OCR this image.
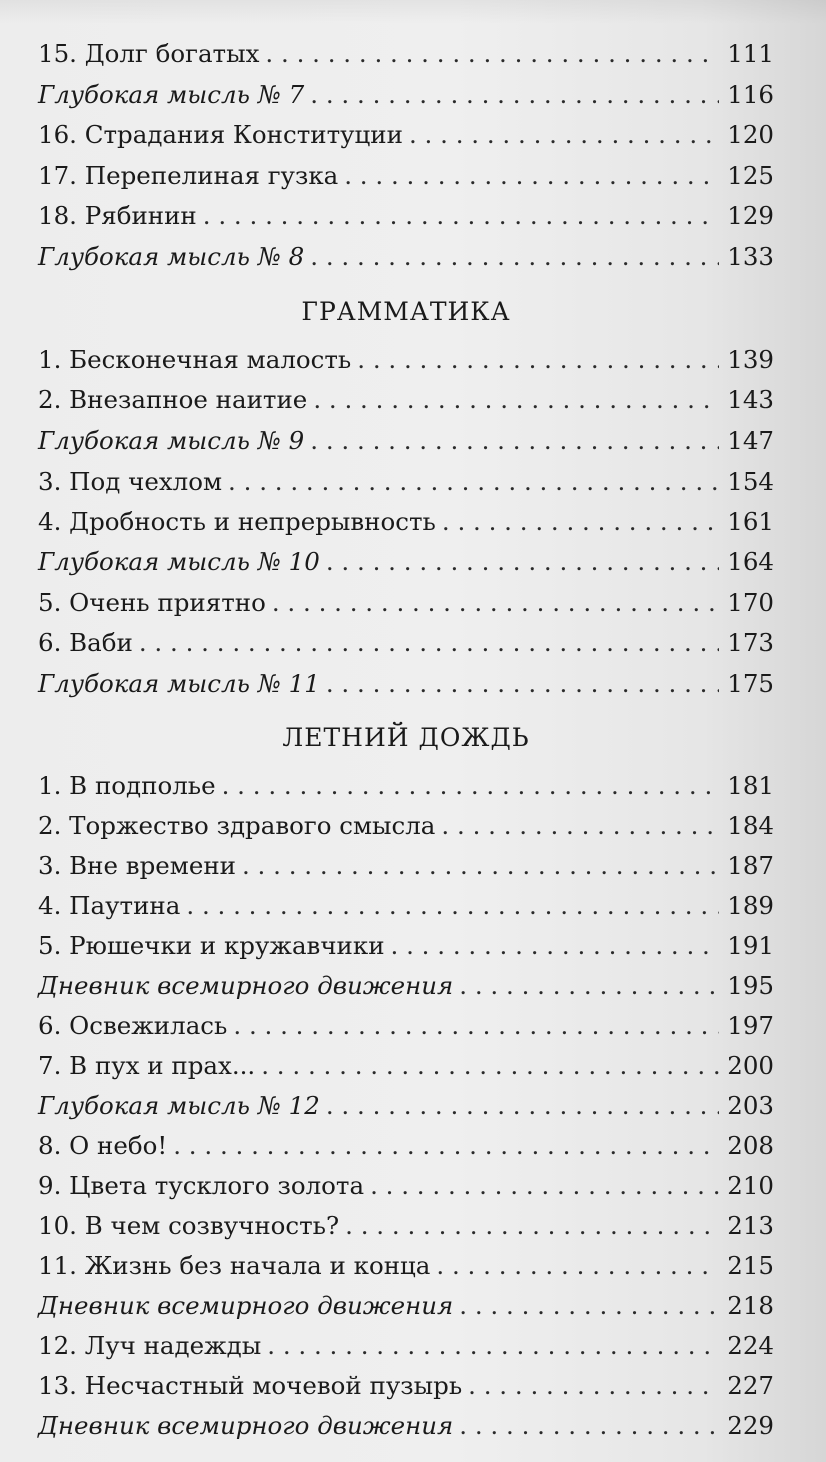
15. Долг богатых . . .	111
Глубокая мысль № 7 . . .	116
16. Страдания Конституции . . .	120
17. Перепелиная гузка . . .	125
18. Рябинин . . .	129
Глубокая мысль № 8 . . .	133
ГРАММАТИКА
1. Бесконечная малость . . .	139
2. Внезапное наитие . . .	143
Глубокая мысль № 9 . . .	147
3. Под чехлом . . .	154
4. Дробность и непрерывность . . .	161
Глубокая мысль № 10 . . .	164
5. Очень приятно . . .	170
6. Ваби . . .	173
Глубокая мысль № 11 . . .	175
ЛЕТНИЙ ДОЖДЬ
1. В подполье . . .	181
2. Торжество здравого смысла . . .	184
3. Вне времени . . .	187
4. Паутина . . .	189
5. Рюшечки и кружавчики . . .	191
Дневник всемирного движения . . .	195
6. Освежилась . . .	197
7. В пух и прах... . . .	200
Глубокая мысль № 12 . . .	203
8. О небо! . . .	208
9. Цвета тусклого золота . . .	210
10. В чем созвучность? . . .	213
11. Жизнь без начала и конца . . .	215
Дневник всемирного движения . . .	218
12. Луч надежды . . .	224
13. Несчастный мочевой пузырь . . .	227
Дневник всемирного движения . . .	229
